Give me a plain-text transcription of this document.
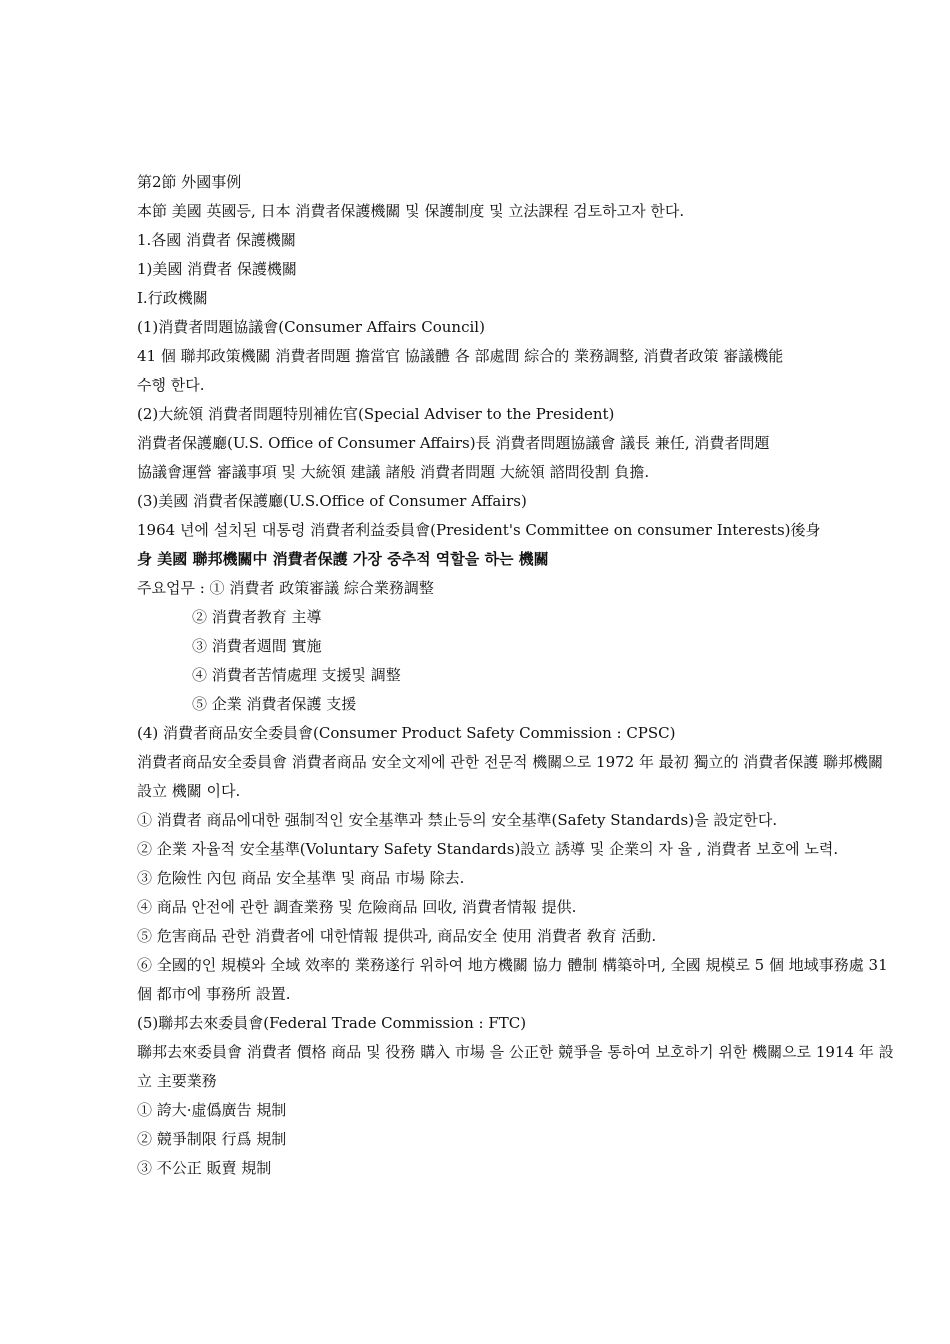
第2節 外國事例
本節 美國 英國등, 日本 消費者保護機關 및 保護制度 및 立法課程 검토하고자 한다.
1.各國 消費者 保護機關
1)美國 消費者 保護機關
I.行政機關
(1)消費者問題協議會(Consumer Affairs Council)
41 個 聯邦政策機關 消費者問題 擔當官 協議體 各 部處間 綜合的 業務調整, 消費者政策 審議機能
수행 한다.
(2)大統領 消費者問題特別補佐官(Special Adviser to the President)
消費者保護廳(U.S. Office of Consumer Affairs)長 消費者問題協議會 議長 兼任, 消費者問題
協議會運營 審議事項 및 大統領 建議 諸般 消費者問題 大統領 諮問役割 負擔.
(3)美國 消費者保護廳(U.S.Office of Consumer Affairs)
1964 년에 설치된 대통령 消費者利益委員會(President's Committee on consumer Interests)後身
身 美國 聯邦機關中 消費者保護 가장 중추적 역할을 하는 機關
주요업무 : ① 消費者 政策審議 綜合業務調整
② 消費者教育 主導
③ 消費者週間 實施
④ 消費者苦情處理 支援및 調整
⑤ 企業 消費者保護 支援
(4) 消費者商品安全委員會(Consumer Product Safety Commission : CPSC)
消費者商品安全委員會 消費者商品 安全文제에 관한 전문적 機關으로 1972 年 最初 獨立的 消費者保護 聯邦機關
設立 機關 이다.
① 消費者 商品에대한 强制적인 安全基準과 禁止등의 安全基準(Safety Standards)을 設定한다.
② 企業 자율적 安全基準(Voluntary Safety Standards)設立 誘導 및 企業의 자 율 , 消費者 보호에 노력.
③ 危險性 內包 商品 安全基準 및 商品 市場 除去.
④ 商品 안전에 관한 調査業務 및 危險商品 回收, 消費者情報 提供.
⑤ 危害商品 관한 消費者에 대한情報 提供과, 商品安全 使用 消費者 敎育 活動.
⑥ 全國的인 規模와 全域 效率的 業務遂行 위하여 地方機關 協力 體制 構築하며, 全國 規模로 5 個 地域事務處 31
個 都市에 事務所 設置.
(5)聯邦去來委員會(Federal Trade Commission : FTC)
聯邦去來委員會 消費者 價格 商品 및 役務 購入 市場 을 公正한 競爭을 통하여 보호하기 위한 機關으로 1914 年 設
立 主要業務
① 誇大·虛僞廣告 規制
② 競爭制限 行爲 規制
③ 不公正 販賣 規制
